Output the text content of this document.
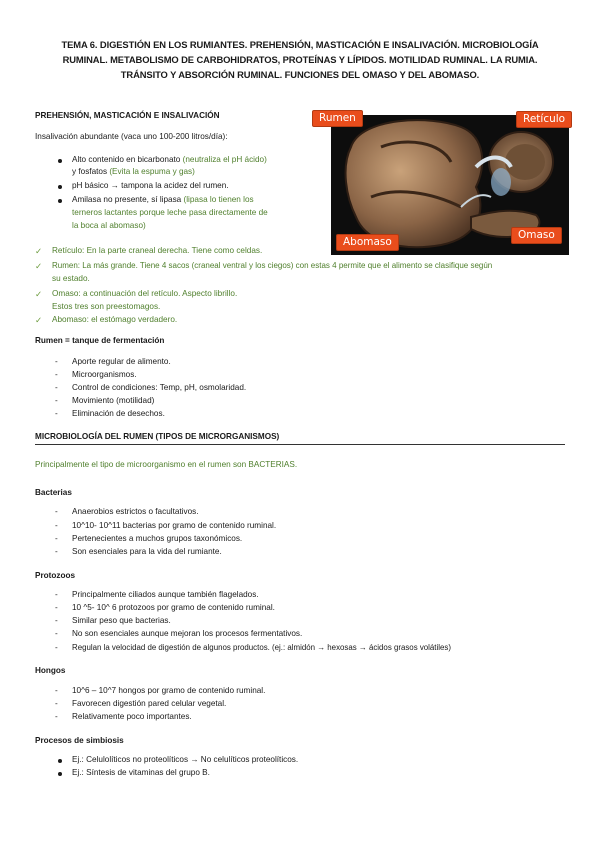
TEMA 6. DIGESTIÓN EN LOS RUMIANTES. PREHENSIÓN, MASTICACIÓN E INSALIVACIÓN. MICROBIOLOGÍA
RUMINAL. METABOLISMO DE CARBOHIDRATOS, PROTEÍNAS Y LÍPIDOS. MOTILIDAD RUMINAL. LA RUMIA.
TRÁNSITO Y ABSORCIÓN RUMINAL. FUNCIONES DEL OMASO Y DEL ABOMASO.
PREHENSIÓN, MASTICACIÓN E INSALIVACIÓN
Insalivación abundante (vaca uno 100-200 litros/día):
Alto contenido en bicarbonato (neutraliza el pH ácido)
y fosfatos (Evita la espuma y gas)
pH básico → tampona la acidez del rumen.
Amilasa no presente, sí lipasa (lipasa lo tienen los
terneros lactantes porque leche pasa directamente de
la boca al abomaso)
✓ Retículo: En la parte craneal derecha. Tiene como celdas.
✓ Rumen: La más grande. Tiene 4 sacos (craneal ventral y los ciegos) con estas 4 permite que el alimento se clasifique según
su estado.
✓ Omaso: a continuación del retículo. Aspecto librillo.
Estos tres son preestomagos.
✓ Abomaso: el estómago verdadero.
Rumen	Retículo
Abomaso
Omaso
Rumen = tanque de fermentación
- Aporte regular de alimento.
- Microorganismos.
- Control de condiciones: Temp, pH, osmolaridad.
- Movimiento (motilidad)
- Eliminación de desechos.
MICROBIOLOGÍA DEL RUMEN (TIPOS DE MICRORGANISMOS)
Principalmente el tipo de microorganismo en el rumen son BACTERIAS.
Bacterias
- Anaerobios estrictos o facultativos.
- 10^10- 10^11 bacterias por gramo de contenido ruminal.
- Pertenecientes a muchos grupos taxonómicos.
- Son esenciales para la vida del rumiante.
Protozoos
- Principalmente ciliados aunque también flagelados.
- 10 ^5- 10^ 6 protozoos por gramo de contenido ruminal.
- Similar peso que bacterias.
- No son esenciales aunque mejoran los procesos fermentativos.
- Regulan la velocidad de digestión de algunos productos. (ej.: almidón → hexosas → ácidos grasos volátiles)
Hongos
- 10^6 – 10^7 hongos por gramo de contenido ruminal.
- Favorecen digestión pared celular vegetal.
- Relativamente poco importantes.
Procesos de simbiosis
Ej.: Celulolíticos no proteolíticos → No celulíticos proteolíticos.
Ej.: Síntesis de vitaminas del grupo B.
